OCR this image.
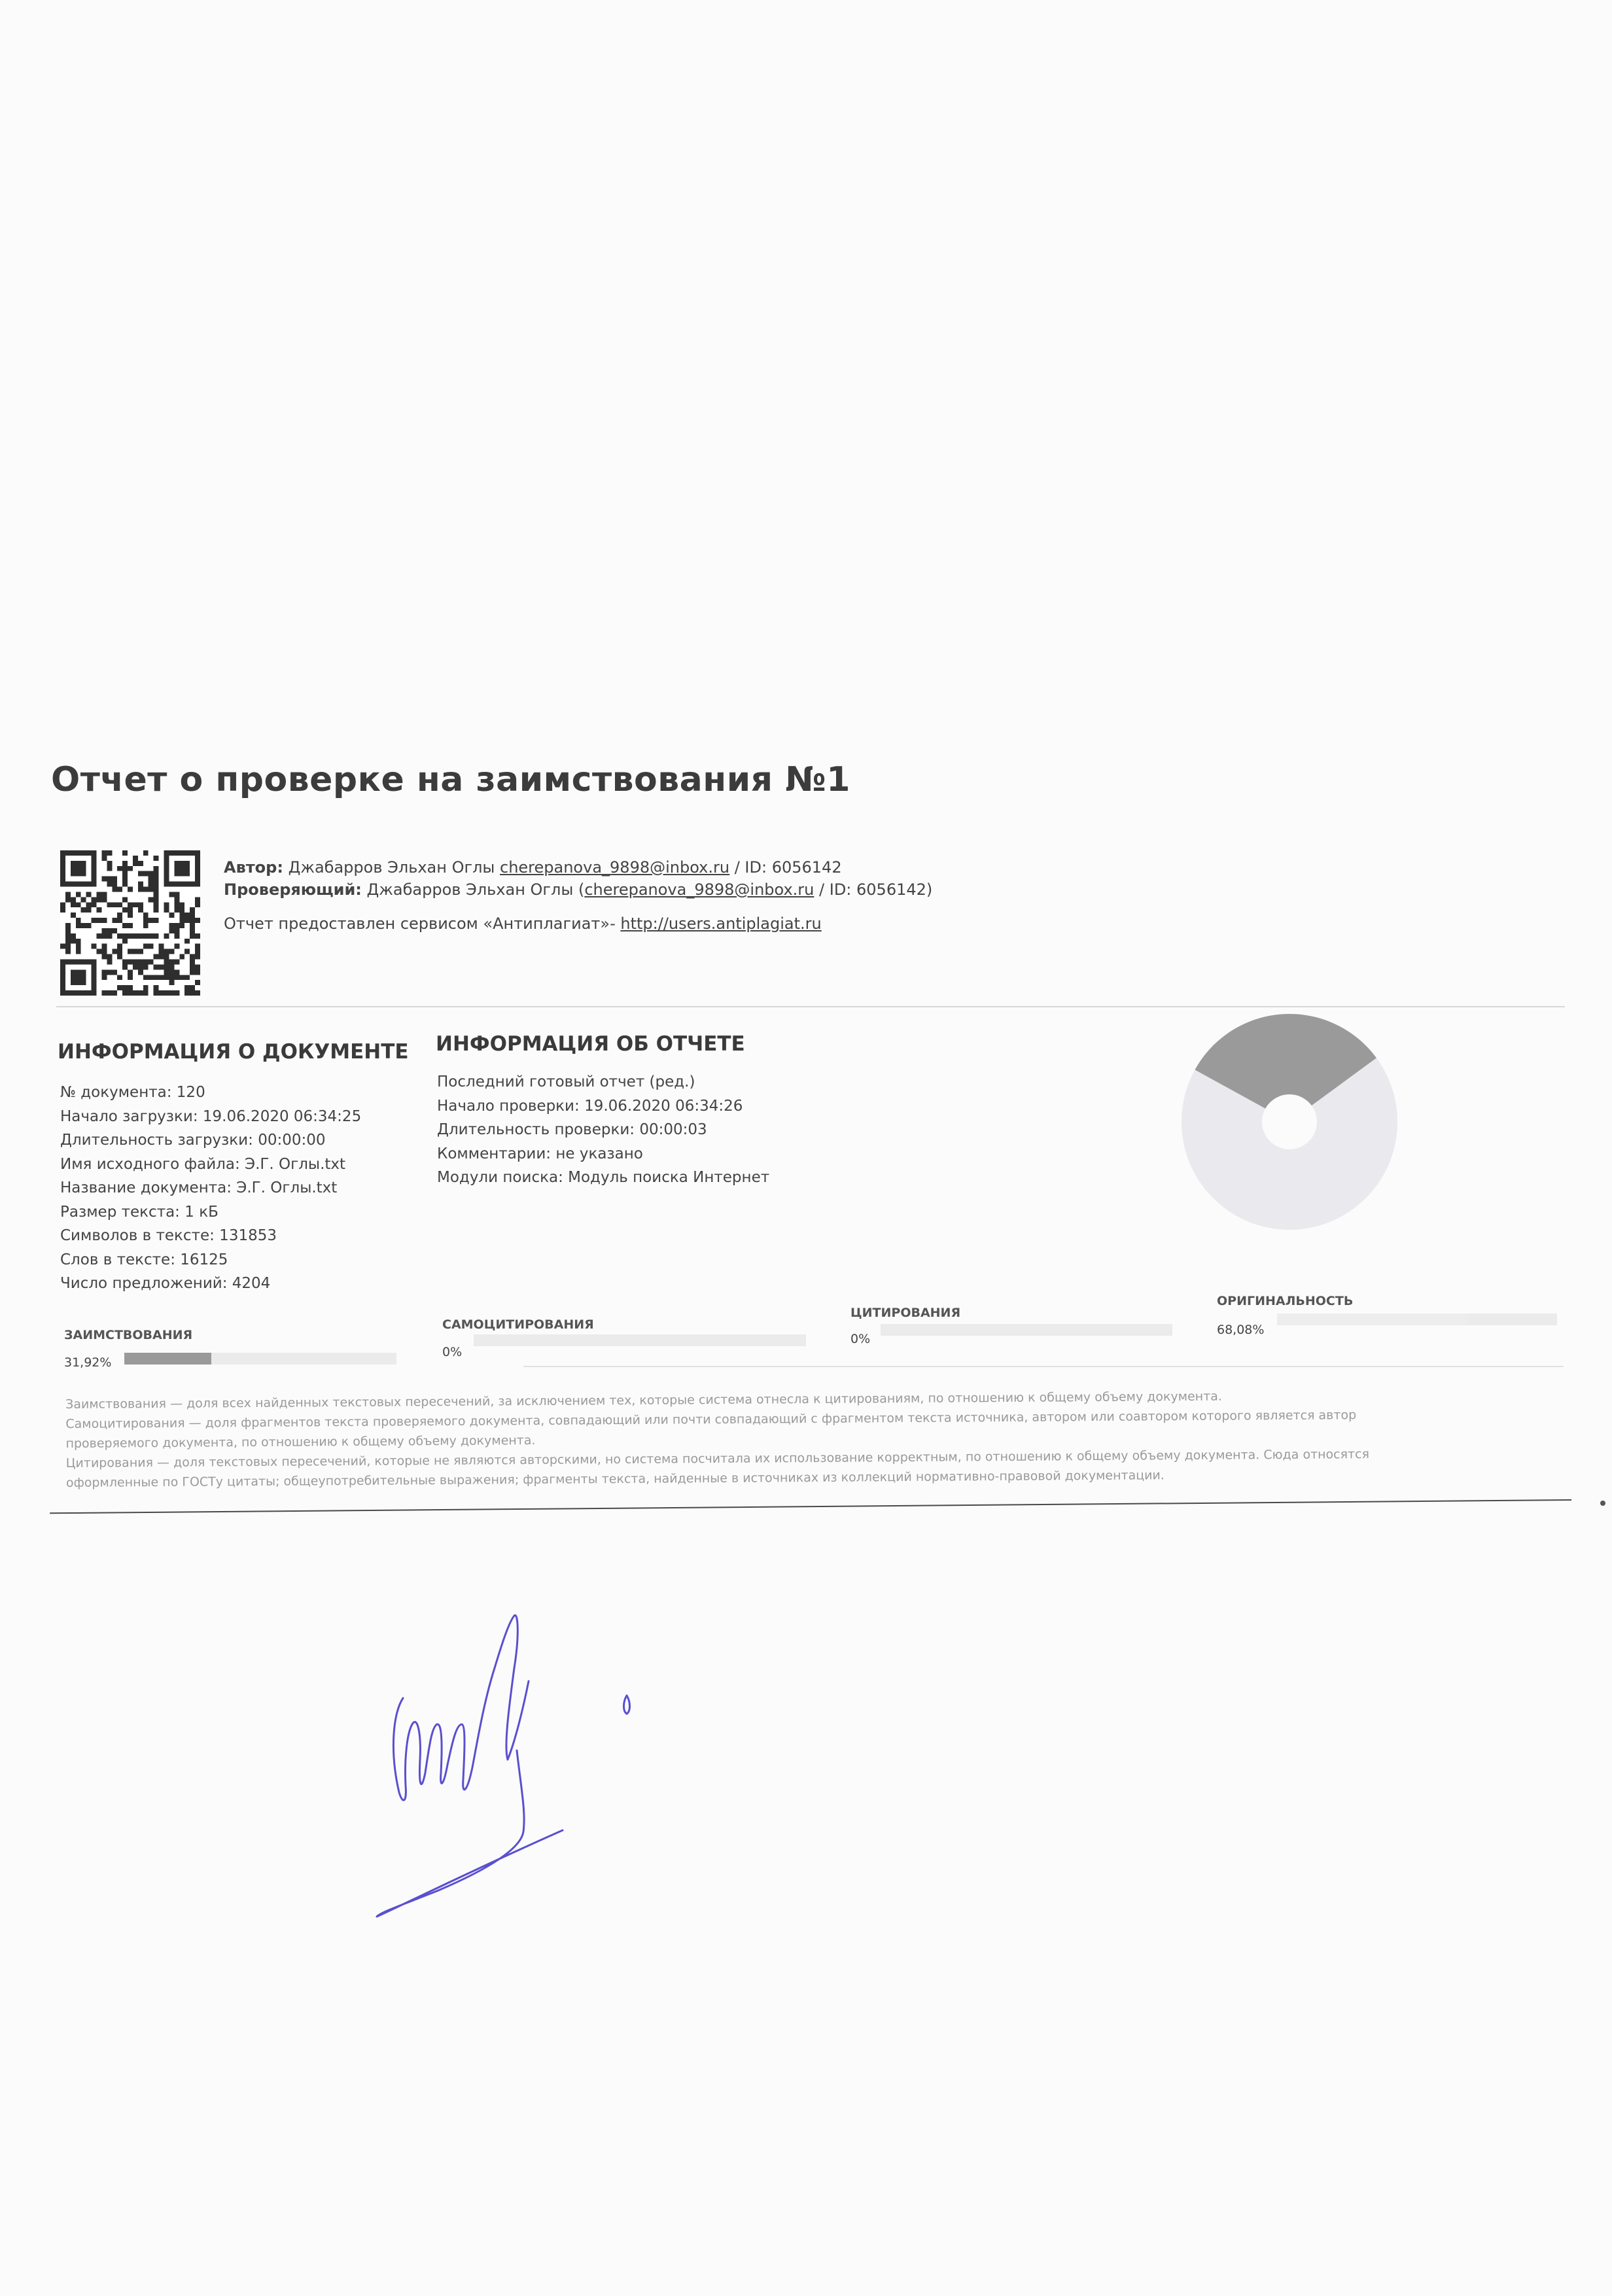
Отчет о проверке на заимствования №1
Автор: Джабарров Эльхан Оглы cherepanova_9898@inbox.ru / ID: 6056142
Проверяющий: Джабарров Эльхан Оглы (cherepanova_9898@inbox.ru / ID: 6056142)
Отчет предоставлен сервисом «Антиплагиат»- http://users.antiplagiat.ru
ИНФОРМАЦИЯ О ДОКУМЕНТЕ
№ документа: 120
Начало загрузки: 19.06.2020 06:34:25
Длительность загрузки: 00:00:00
Имя исходного файла: Э.Г. Оглы.txt
Название документа: Э.Г. Оглы.txt
Размер текста: 1 кБ
Символов в тексте: 131853
Слов в тексте: 16125
Число предложений: 4204
ИНФОРМАЦИЯ ОБ ОТЧЕТЕ
Последний готовый отчет (ред.)
Начало проверки: 19.06.2020 06:34:26
Длительность проверки: 00:00:03
Комментарии: не указано
Модули поиска: Модуль поиска Интернет
ЗАИМСТВОВАНИЯ
31,92%
САМОЦИТИРОВАНИЯ
0%
ЦИТИРОВАНИЯ
0%
ОРИГИНАЛЬНОСТЬ
68,08%

Заимствования — доля всех найденных текстовых пересечений, за исключением тех, которые система отнесла к цитированиям, по отношению к общему объему документа.

Самоцитирования — доля фрагментов текста проверяемого документа, совпадающий или почти совпадающий с фрагментом текста источника, автором или соавтором которого является автор

проверяемого документа, по отношению к общему объему документа.

Цитирования — доля текстовых пересечений, которые не являются авторскими, но система посчитала их использование корректным, по отношению к общему объему документа. Сюда относятся

оформленные по ГОСТу цитаты; общеупотребительные выражения; фрагменты текста, найденные в источниках из коллекций нормативно-правовой документации.
